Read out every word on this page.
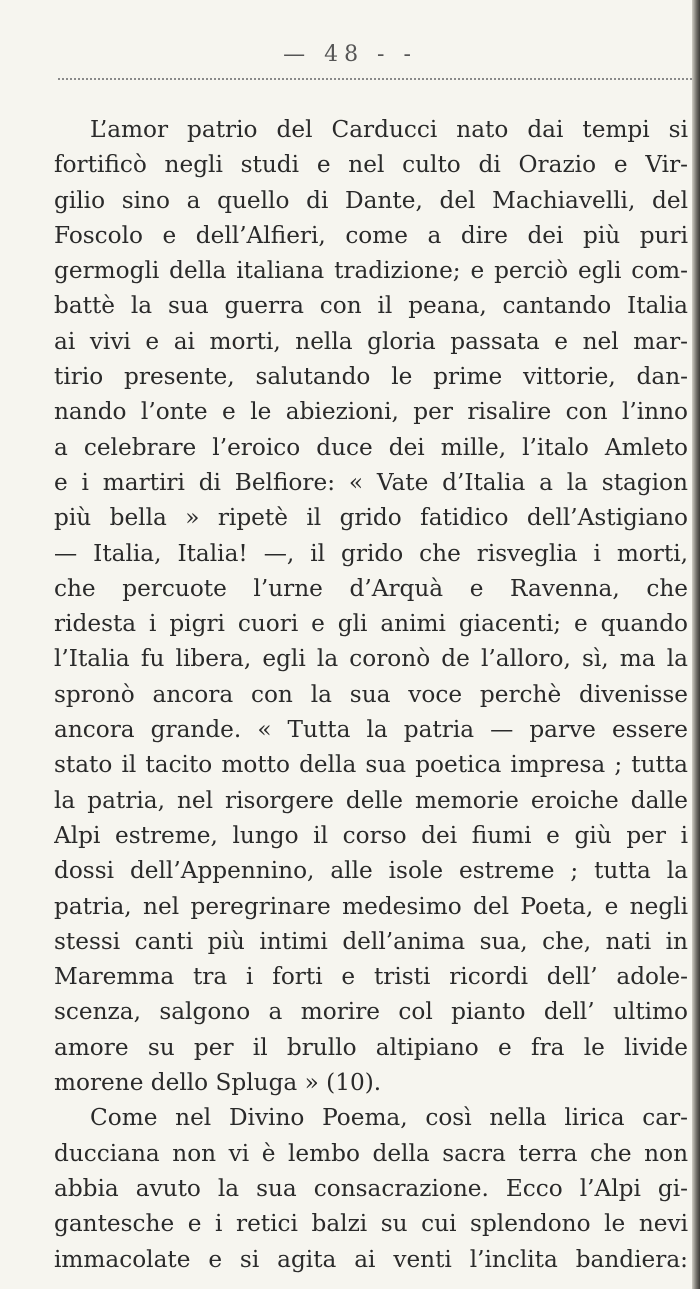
— 48 - -
L’amor patrio del Carducci nato dai tempi si
fortificò negli studi e nel culto di Orazio e Vir-
gilio sino a quello di Dante, del Machiavelli, del
Foscolo e dell’Alfieri, come a dire dei più puri
germogli della italiana tradizione; e perciò egli com-
battè la sua guerra con il peana, cantando Italia
ai vivi e ai morti, nella gloria passata e nel mar-
tirio presente, salutando le prime vittorie, dan-
nando l’onte e le abiezioni, per risalire con l’inno
a celebrare l’eroico duce dei mille, l’italo Amleto
e i martiri di Belfiore: « Vate d’Italia a la stagion
più bella » ripetè il grido fatidico dell’Astigiano
— Italia, Italia! —, il grido che risveglia i morti,
che percuote l’urne d’Arquà e Ravenna, che
ridesta i pigri cuori e gli animi giacenti; e quando
l’Italia fu libera, egli la coronò de l’alloro, sì, ma la
spronò ancora con la sua voce perchè divenisse
ancora grande. « Tutta la patria — parve essere
stato il tacito motto della sua poetica impresa ; tutta
la patria, nel risorgere delle memorie eroiche dalle
Alpi estreme, lungo il corso dei fiumi e giù per i
dossi dell’Appennino, alle isole estreme ; tutta la
patria, nel peregrinare medesimo del Poeta, e negli
stessi canti più intimi dell’anima sua, che, nati in
Maremma tra i forti e tristi ricordi dell’ adole-
scenza, salgono a morire col pianto dell’ ultimo
amore su per il brullo altipiano e fra le livide
morene dello Spluga » (10).
Come nel Divino Poema, così nella lirica car-
ducciana non vi è lembo della sacra terra che non
abbia avuto la sua consacrazione. Ecco l’Alpi gi-
gantesche e i retici balzi su cui splendono le nevi
immacolate e si agita ai venti l’inclita bandiera:
